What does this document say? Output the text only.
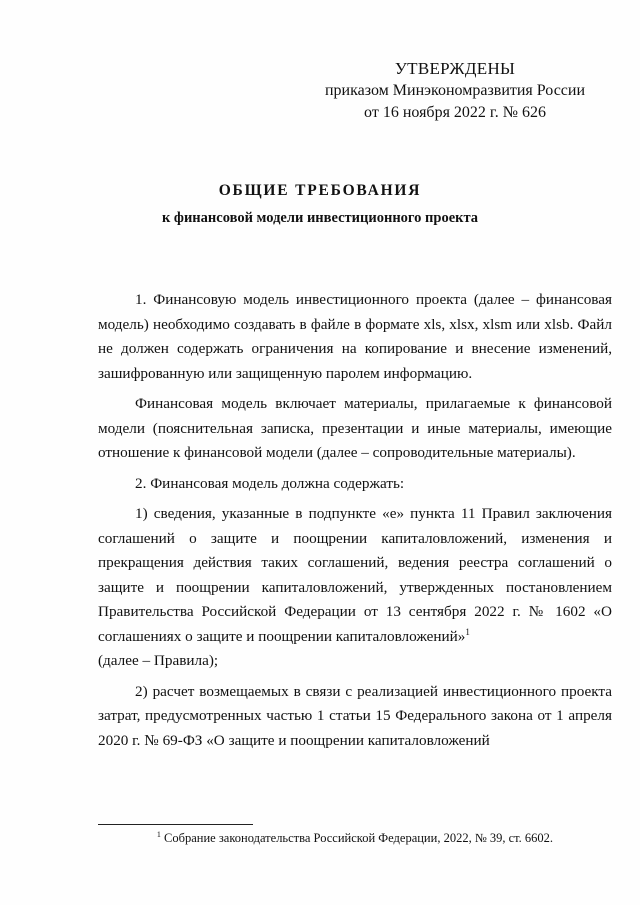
УТВЕРЖДЕНЫ
приказом Минэкономразвития России
от 16 ноября 2022 г. № 626
ОБЩИЕ ТРЕБОВАНИЯ
к финансовой модели инвестиционного проекта

1. Финансовую модель инвестиционного проекта (далее – финансовая модель) необходимо создавать в файле в формате xls, xlsx, xlsm или xlsb. Файл не должен содержать ограничения на копирование и внесение изменений, зашифрованную или защищенную паролем информацию.

Финансовая модель включает материалы, прилагаемые к финансовой модели (пояснительная записка, презентации и иные материалы, имеющие отношение к финансовой модели (далее – сопроводительные материалы).

2. Финансовая модель должна содержать:

1) сведения, указанные в подпункте «е» пункта 11 Правил заключения соглашений о защите и поощрении капиталовложений, изменения и прекращения действия таких соглашений, ведения реестра соглашений о защите и поощрении капиталовложений, утвержденных постановлением Правительства Российской Федерации от 13 сентября 2022 г. № 1602 «О соглашениях о защите и поощрении капиталовложений»$^1$

(далее – Правила);

2) расчет возмещаемых в связи с реализацией инвестиционного проекта затрат, предусмотренных частью 1 статьи 15 Федерального закона от 1 апреля 2020 г. № 69-ФЗ «О защите и поощрении капиталовложений

$^1$ Собрание законодательства Российской Федерации, 2022, № 39, ст. 6602.
